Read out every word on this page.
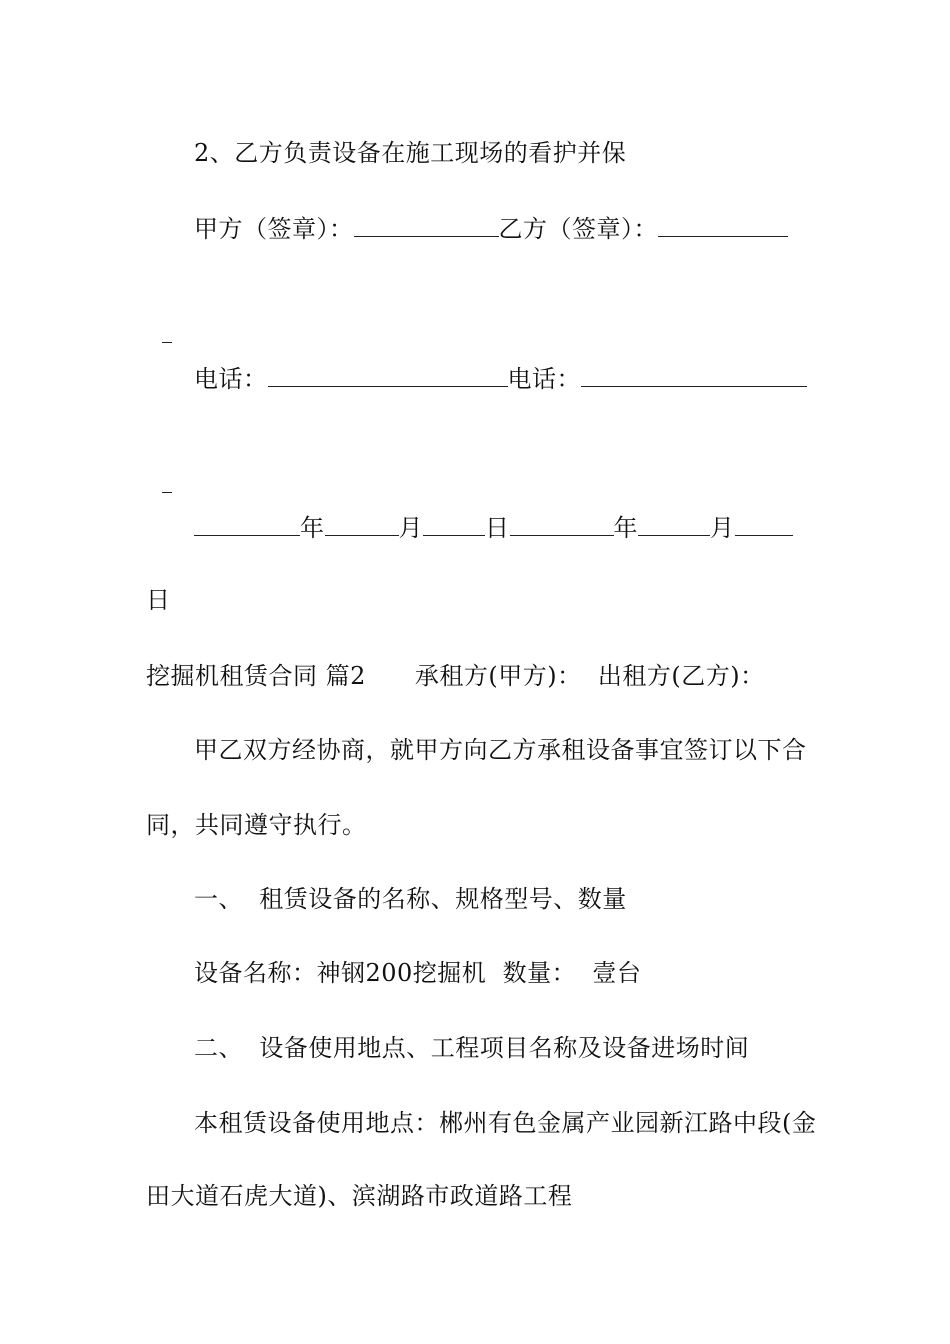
2、乙方负责设备在施工现场的看护并保
甲方（签章）：	乙方（签章）：

电话：	电话：

年	月	日	年	月
日
挖掘机租赁合同 篇2　　承租方(甲方)：  出租方(乙方)：
甲乙双方经协商，就甲方向乙方承租设备事宜签订以下合
同，共同遵守执行。
一、  租赁设备的名称、规格型号、数量
设备名称：神钢200挖掘机  数量：  壹台
二、  设备使用地点、工程项目名称及设备进场时间
本租赁设备使用地点：郴州有色金属产业园新江路中段(金
田大道石虎大道)、滨湖路市政道路工程
